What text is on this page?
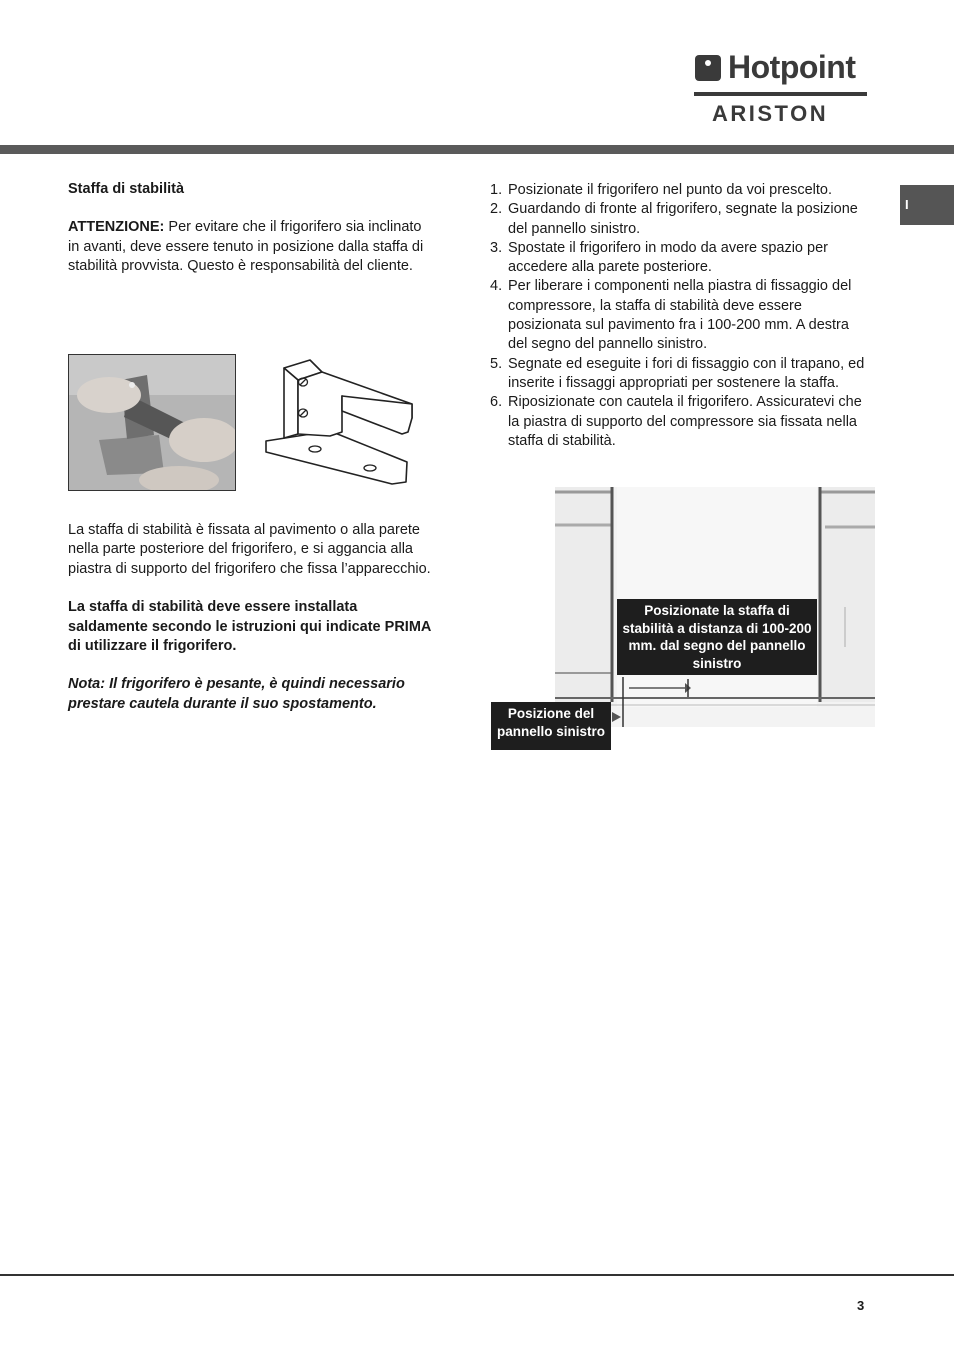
Hotpoint
ARISTON
I

Staffa di stabilità

ATTENZIONE: Per evitare che il frigorifero sia inclinato in avanti, deve essere tenuto in posizione dalla staffa di stabilità provvista. Questo è responsabilità del cliente.

La staffa di stabilità è fissata al pavimento o alla parete nella parte posteriore del frigorifero, e si aggancia alla piastra di supporto del frigorifero che fissa l’apparecchio.

La staffa di stabilità deve essere installata saldamente secondo le istruzioni qui indicate PRIMA di utilizzare il frigorifero.

Nota: Il frigorifero è pesante, è quindi necessario prestare cautela durante il suo spostamento.

1. Posizionate il frigorifero nel punto da voi prescelto.
2. Guardando di fronte al frigorifero, segnate la posizione del pannello sinistro.
3. Spostate il frigorifero in modo da avere spazio per accedere alla parete posteriore.
4. Per liberare i componenti nella piastra di fissaggio del compressore, la staffa di stabilità deve essere posizionata sul pavimento fra i 100-200 mm. A destra del segno del pannello sinistro.
5. Segnate ed eseguite i fori di fissaggio con il trapano, ed inserite i fissaggi appropriati per sostenere la staffa.
6. Riposizionate con cautela il frigorifero. Assicuratevi che la piastra di supporto del compressore sia fissata nella staffa di stabilità.
Posizionate la staffa di stabilità a distanza di 100-200 mm. dal segno del pannello sinistro
Posizione del pannello sinistro
3
